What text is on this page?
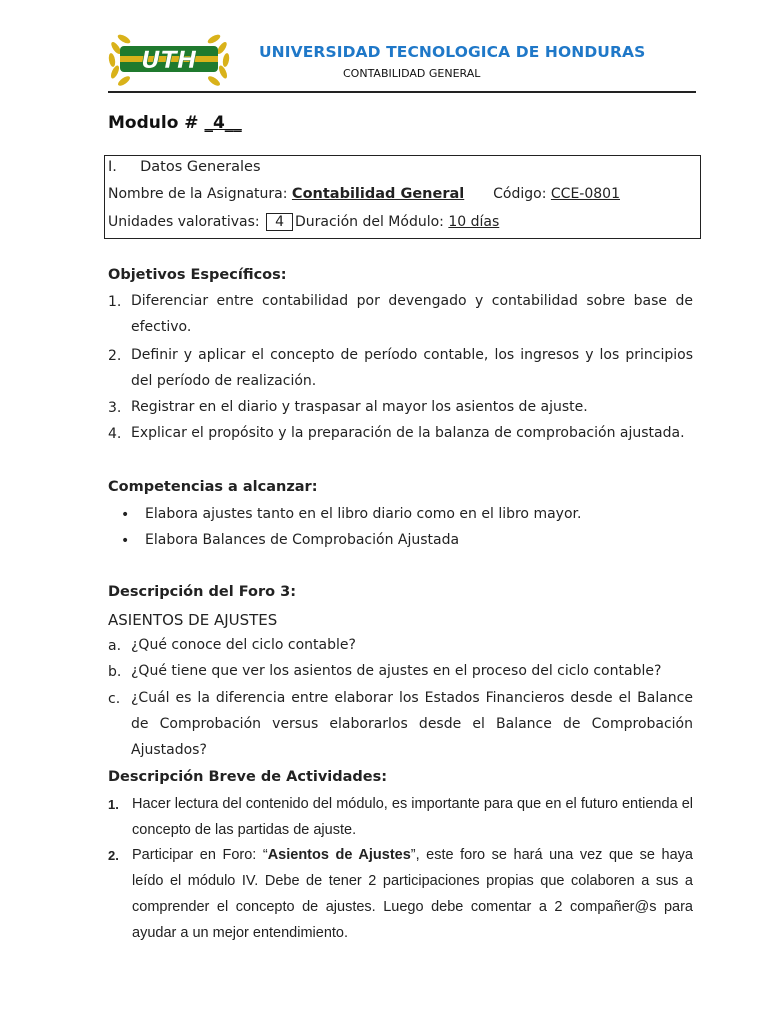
UTH	UNIVERSIDAD TECNOLOGICA DE HONDURAS
CONTABILIDAD GENERAL
Modulo # _4__
I. Datos Generales
Nombre de la Asignatura: Contabilidad General Código: CCE-0801
Unidades valorativas: 4 Duración del Módulo: 10 días
Objetivos Específicos:
1. Diferenciar entre contabilidad por devengado y contabilidad sobre base de efectivo.
2. Definir y aplicar el concepto de período contable, los ingresos y los principios del período de realización.
3. Registrar en el diario y traspasar al mayor los asientos de ajuste.
4. Explicar el propósito y la preparación de la balanza de comprobación ajustada.
Competencias a alcanzar:
• Elabora ajustes tanto en el libro diario como en el libro mayor.
• Elabora Balances de Comprobación Ajustada
Descripción del Foro 3:
ASIENTOS DE AJUSTES
a. ¿Qué conoce del ciclo contable?
b. ¿Qué tiene que ver los asientos de ajustes en el proceso del ciclo contable?
c. ¿Cuál es la diferencia entre elaborar los Estados Financieros desde el Balance de Comprobación versus elaborarlos desde el Balance de Comprobación Ajustados?
Descripción Breve de Actividades:
1. Hacer lectura del contenido del módulo, es importante para que en el futuro entienda el concepto de las partidas de ajuste.
2. Participar en Foro: “Asientos de Ajustes”, este foro se hará una vez que se haya leído el módulo IV. Debe de tener 2 participaciones propias que colaboren a sus a comprender el concepto de ajustes. Luego debe comentar a 2 compañer@s para ayudar a un mejor entendimiento.
